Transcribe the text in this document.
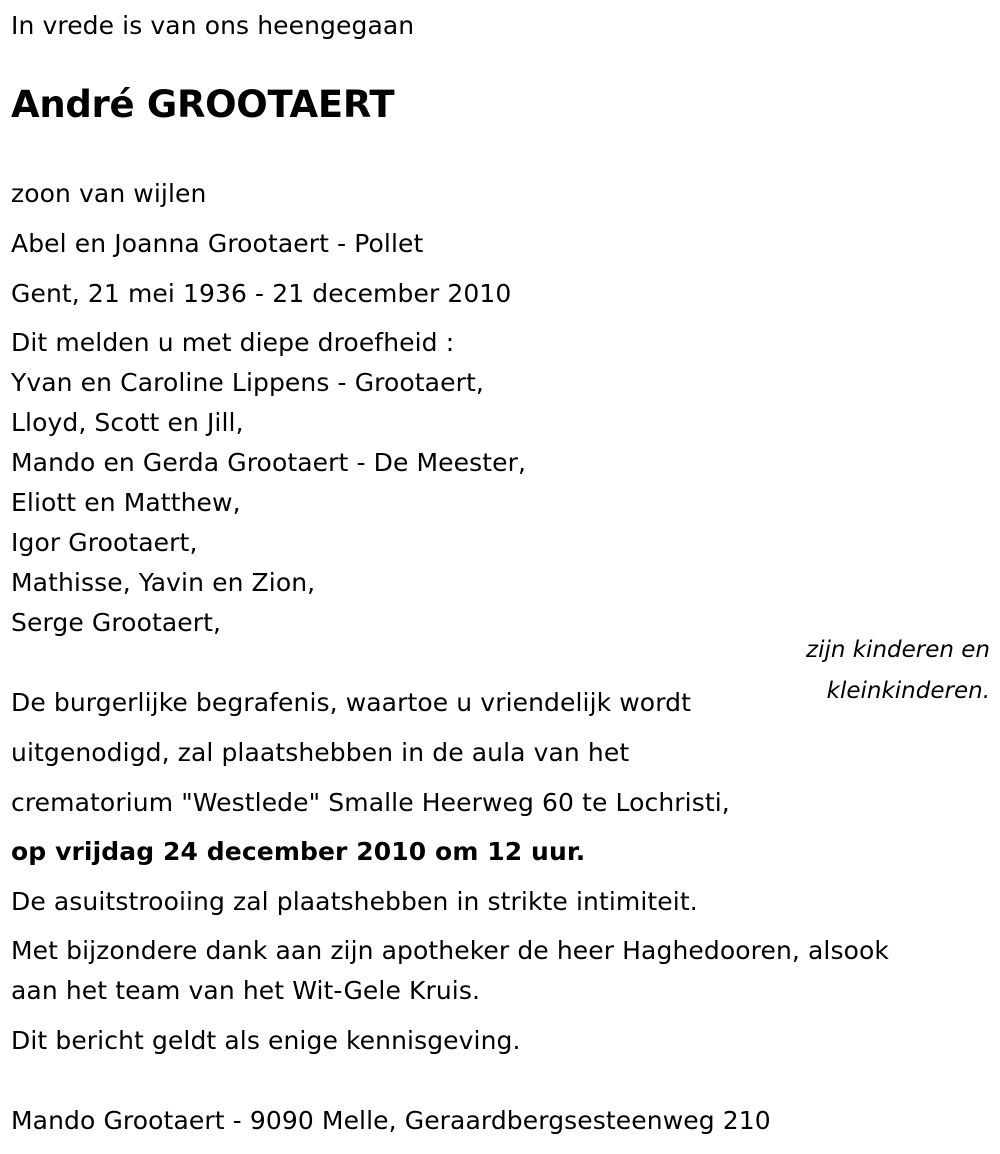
In vrede is van ons heengegaan
André GROOTAERT
zoon van wijlen
Abel en Joanna Grootaert - Pollet
Gent, 21 mei 1936 - 21 december 2010
Dit melden u met diepe droefheid :
Yvan en Caroline Lippens - Grootaert,
Lloyd, Scott en Jill,
Mando en Gerda Grootaert - De Meester,
Eliott en Matthew,
Igor Grootaert,
Mathisse, Yavin en Zion,
Serge Grootaert,
zijn kinderen en
kleinkinderen.
De burgerlijke begrafenis, waartoe u vriendelijk wordt
uitgenodigd, zal plaatshebben in de aula van het
crematorium "Westlede" Smalle Heerweg 60 te Lochristi,
op vrijdag 24 december 2010 om 12 uur.
De asuitstrooiing zal plaatshebben in strikte intimiteit.
Met bijzondere dank aan zijn apotheker de heer Haghedooren, alsook
aan het team van het Wit-Gele Kruis.
Dit bericht geldt als enige kennisgeving.
Mando Grootaert - 9090 Melle, Geraardbergsesteenweg 210
